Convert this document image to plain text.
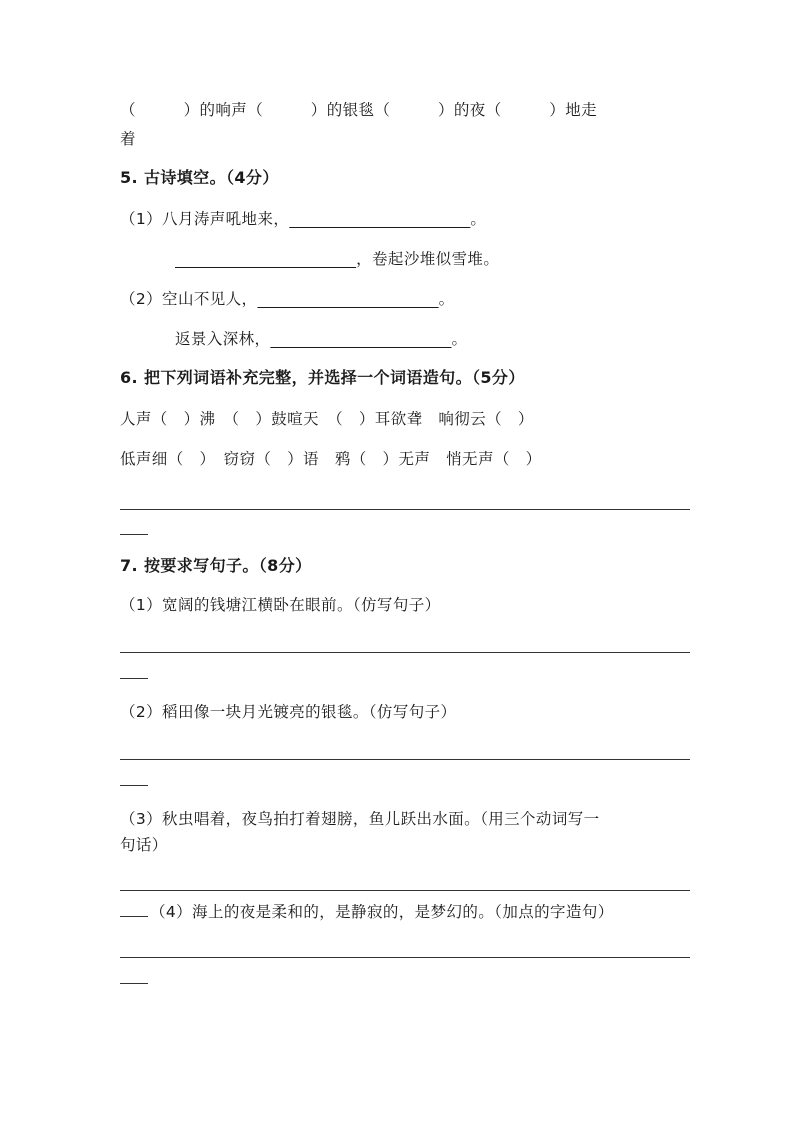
（　　　）的响声（　　　）的银毯（　　　）的夜（　　　）地走
着
5. 古诗填空。（4分）
（1）八月涛声吼地来，	。
，卷起沙堆似雪堆。
（2）空山不见人，	。
返景入深林，	。
6. 把下列词语补充完整，并选择一个词语造句。（5分）
人声（　）沸　（　）鼓喧天　（　）耳欲聋　响彻云（　）
低声细（　）　窃窃（　）语　鸦（　）无声　悄无声（　）
7. 按要求写句子。（8分）
（1）宽阔的钱塘江横卧在眼前。（仿写句子）
（2）稻田像一块月光镀亮的银毯。（仿写句子）
（3）秋虫唱着，夜鸟拍打着翅膀，鱼儿跃出水面。（用三个动词写一
句话）
（4）海上的夜是柔和的，是静寂的，是梦幻的。（加点的字造句）
